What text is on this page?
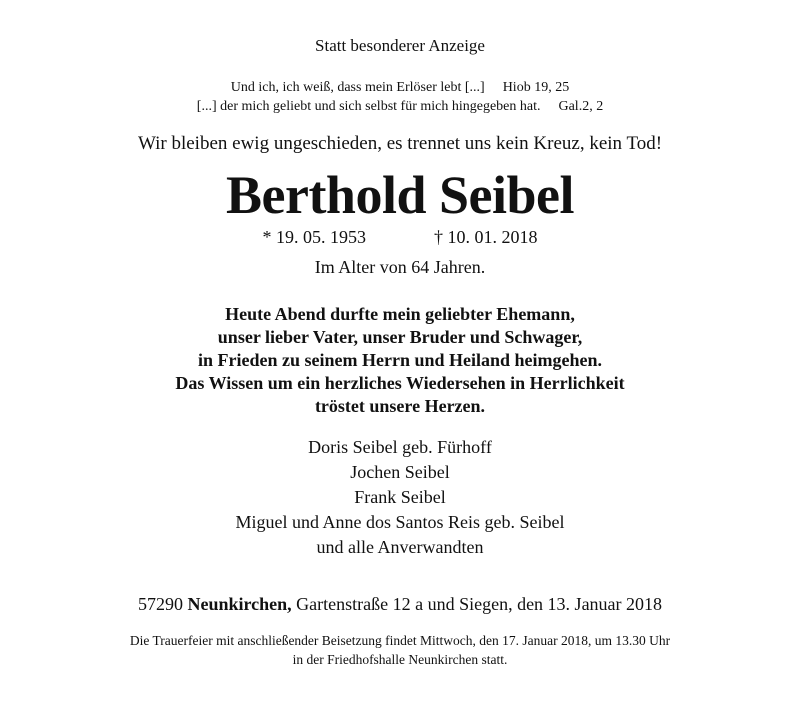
Statt besonderer Anzeige
Und ich, ich weiß, dass mein Erlöser lebt [...] Hiob 19, 25
[...] der mich geliebt und sich selbst für mich hingegeben hat. Gal.2, 2
Wir bleiben ewig ungeschieden, es trennet uns kein Kreuz, kein Tod!
Berthold Seibel
* 19. 05. 1953	† 10. 01. 2018
Im Alter von 64 Jahren.
Heute Abend durfte mein geliebter Ehemann,
unser lieber Vater, unser Bruder und Schwager,
in Frieden zu seinem Herrn und Heiland heimgehen.
Das Wissen um ein herzliches Wiedersehen in Herrlichkeit
tröstet unsere Herzen.
Doris Seibel geb. Fürhoff
Jochen Seibel
Frank Seibel
Miguel und Anne dos Santos Reis geb. Seibel
und alle Anverwandten
57290 Neunkirchen, Gartenstraße 12 a und Siegen, den 13. Januar 2018
Die Trauerfeier mit anschließender Beisetzung findet Mittwoch, den 17. Januar 2018, um 13.30 Uhr
in der Friedhofshalle Neunkirchen statt.
